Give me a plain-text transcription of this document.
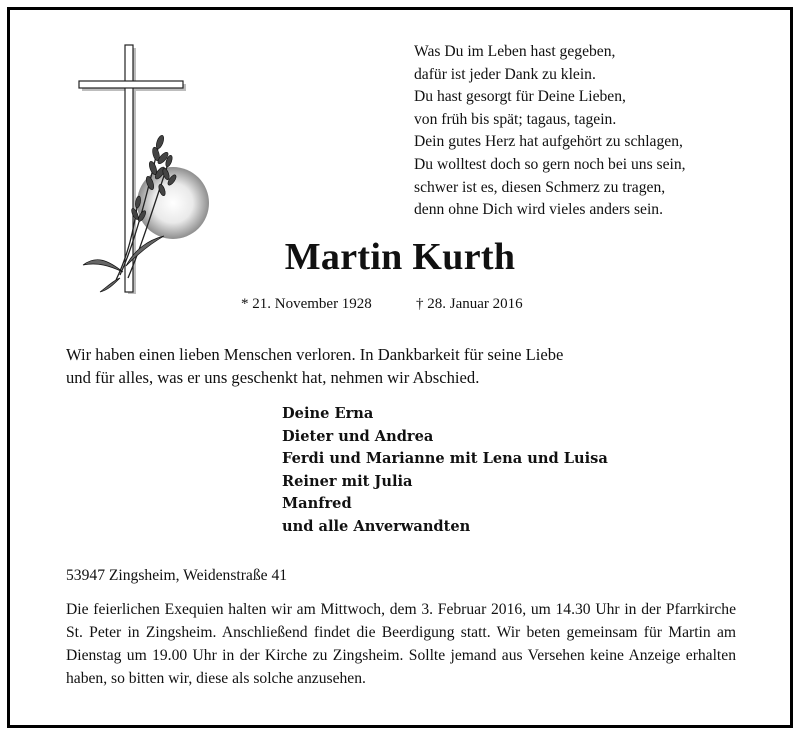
Was Du im Leben hast gegeben,
dafür ist jeder Dank zu klein.
Du hast gesorgt für Deine Lieben,
von früh bis spät; tagaus, tagein.
Dein gutes Herz hat aufgehört zu schlagen,
Du wolltest doch so gern noch bei uns sein,
schwer ist es, diesen Schmerz zu tragen,
denn ohne Dich wird vieles anders sein.
Martin Kurth
* 21. November 1928	† 28. Januar 2016
Wir haben einen lieben Menschen verloren. In Dankbarkeit für seine Liebe
und für alles, was er uns geschenkt hat, nehmen wir Abschied.
Deine Erna
Dieter und Andrea
Ferdi und Marianne mit Lena und Luisa
Reiner mit Julia
Manfred
und alle Anverwandten
53947 Zingsheim, Weidenstraße 41
Die feierlichen Exequien halten wir am Mittwoch, dem 3. Februar 2016, um 14.30 Uhr in der Pfarrkirche St. Peter in Zingsheim. Anschließend findet die Beerdigung statt. Wir beten gemeinsam für Martin am Dienstag um 19.00 Uhr in der Kirche zu Zingsheim. Sollte jemand aus Versehen keine Anzeige erhalten haben, so bitten wir, diese als solche anzusehen.
